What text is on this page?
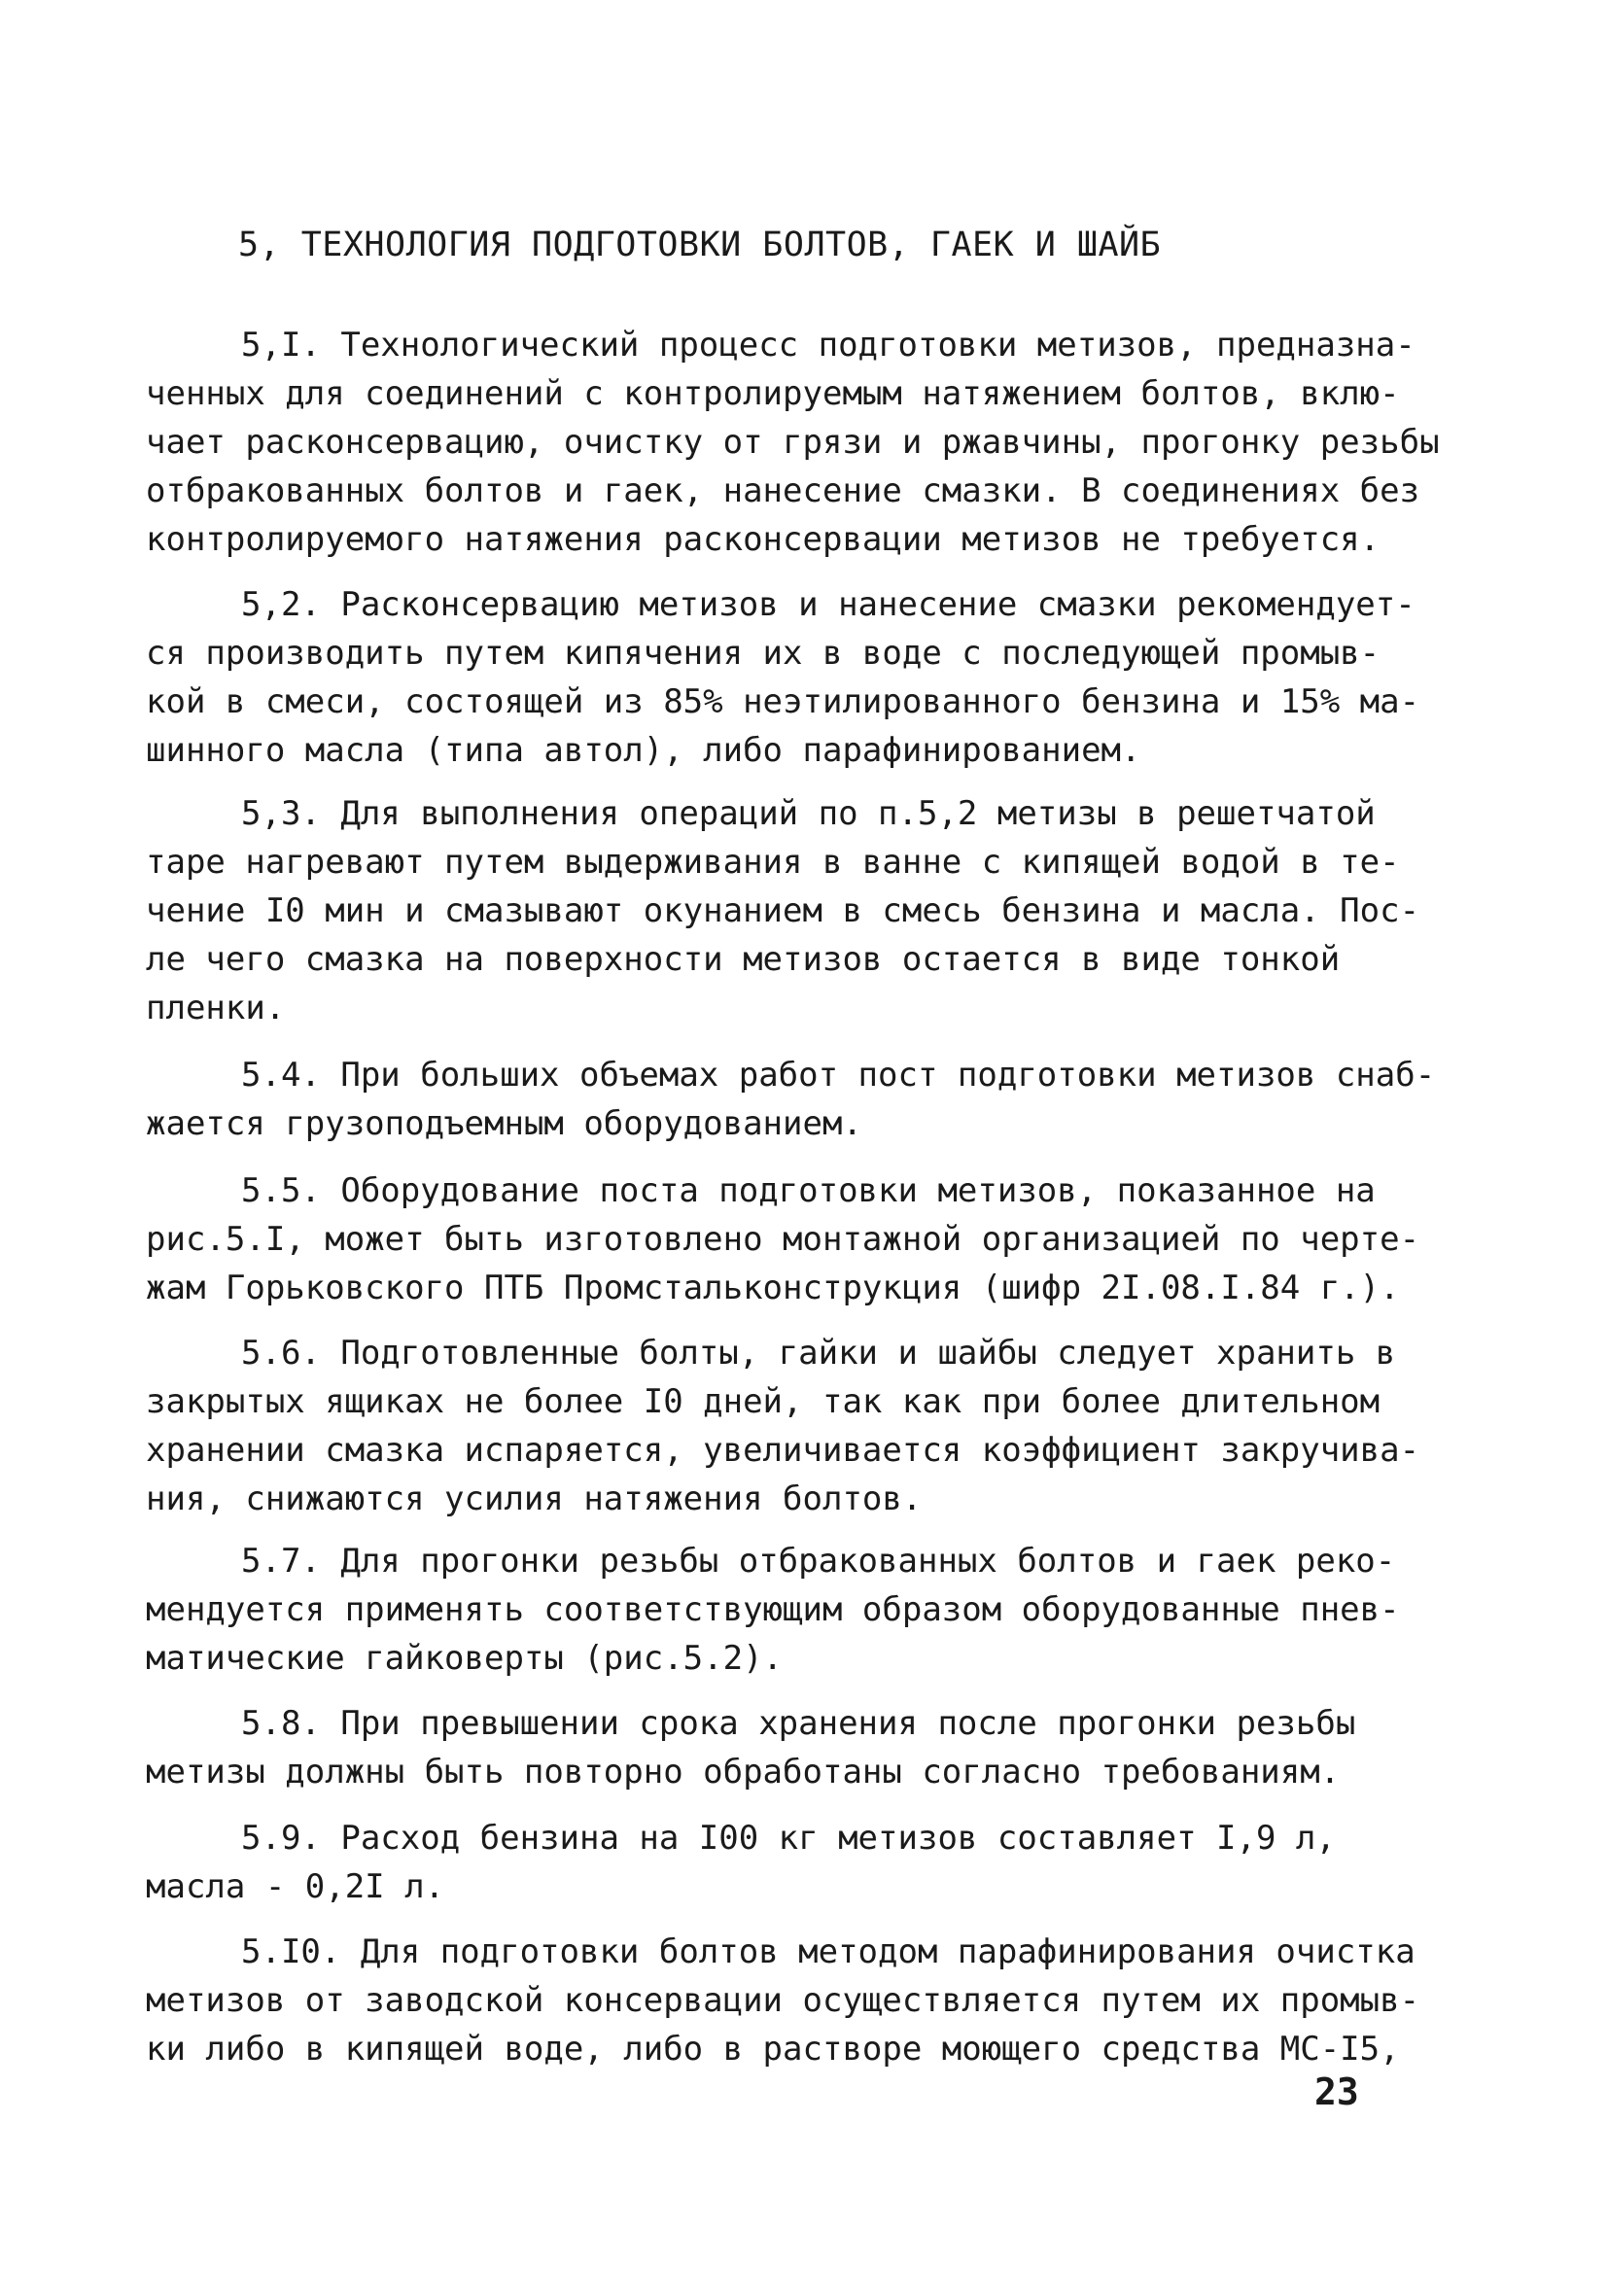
5, ТЕХНОЛОГИЯ ПОДГОТОВКИ БОЛТОВ, ГАЕК И ШАЙБ
5,I. Технологический процесс подготовки метизов, предназна-
ченных для соединений с контролируемым натяжением болтов, вклю-
чает расконсервацию, очистку от грязи и ржавчины, прогонку резьбы
отбракованных болтов и гаек, нанесение смазки. В соединениях без
контролируемого натяжения расконсервации метизов не требуется.
5,2. Расконсервацию метизов и нанесение смазки рекомендует-
ся производить путем кипячения их в воде с последующей промыв-
кой в смеси, состоящей из 85% неэтилированного бензина и 15% ма-
шинного масла (типа автол), либо парафинированием.
5,3. Для выполнения операций по п.5,2 метизы в решетчатой
таре нагревают путем выдерживания в ванне с кипящей водой в те-
чение I0 мин и смазывают окунанием в смесь бензина и масла. Пос-
ле чего смазка на поверхности метизов остается в виде тонкой
пленки.
5.4. При больших объемах работ пост подготовки метизов снаб-
жается грузоподъемным оборудованием.
5.5. Оборудование поста подготовки метизов, показанное на
рис.5.I, может быть изготовлено монтажной организацией по черте-
жам Горьковского ПТБ Промстальконструкция (шифр 2I.08.I.84 г.).
5.6. Подготовленные болты, гайки и шайбы следует хранить в
закрытых ящиках не более I0 дней, так как при более длительном
хранении смазка испаряется, увеличивается коэффициент закручива-
ния, снижаются усилия натяжения болтов.
5.7. Для прогонки резьбы отбракованных болтов и гаек реко-
мендуется применять соответствующим образом оборудованные пнев-
матические гайковерты (рис.5.2).
5.8. При превышении срока хранения после прогонки резьбы
метизы должны быть повторно обработаны согласно требованиям.
5.9. Расход бензина на I00 кг метизов составляет I,9 л,
масла - 0,2I л.
5.I0. Для подготовки болтов методом парафинирования очистка
метизов от заводской консервации осуществляется путем их промыв-
ки либо в кипящей воде, либо в растворе моющего средства МС-I5,
23
